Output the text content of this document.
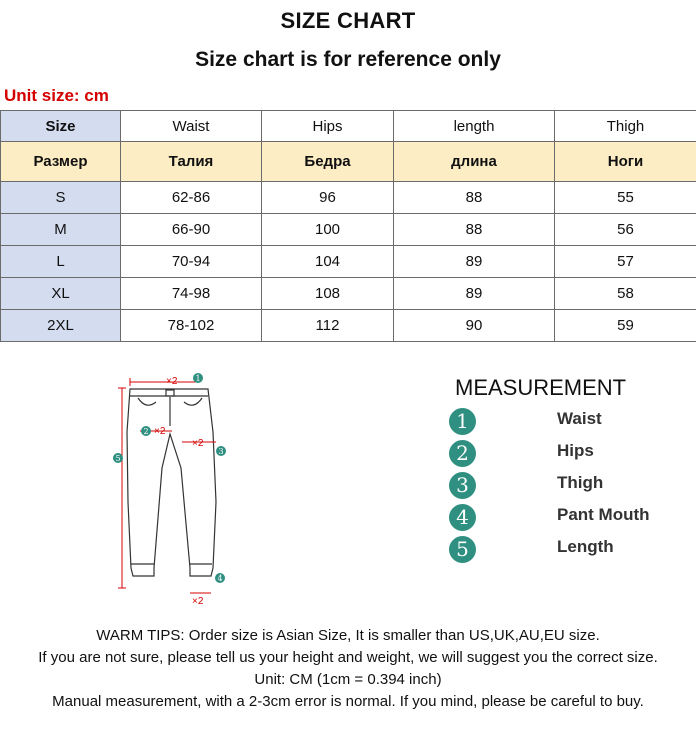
SIZE CHART
Size chart is for reference only
Unit size: cm
Size	Waist	Hips	length	Thigh
Размер	Талия	Бедра	длина	Ноги
S	62-86	96	88	55
M	66-90	100	88	56
L	70-94	104	89	57
XL	74-98	108	89	58
2XL	78-102	112	90	59
×2
×2
×2
×2
1
2
3
4
5
MEASUREMENT
1	Waist
2	Hips
3	Thigh
4	Pant Mouth
5	Length
WARM TIPS: Order size is Asian Size, It is smaller than US,UK,AU,EU size.
If you are not sure, please tell us your height and weight, we will suggest you the correct size.
Unit: CM (1cm = 0.394 inch)
Manual measurement, with a 2-3cm error is normal. If you mind, please be careful to buy.
